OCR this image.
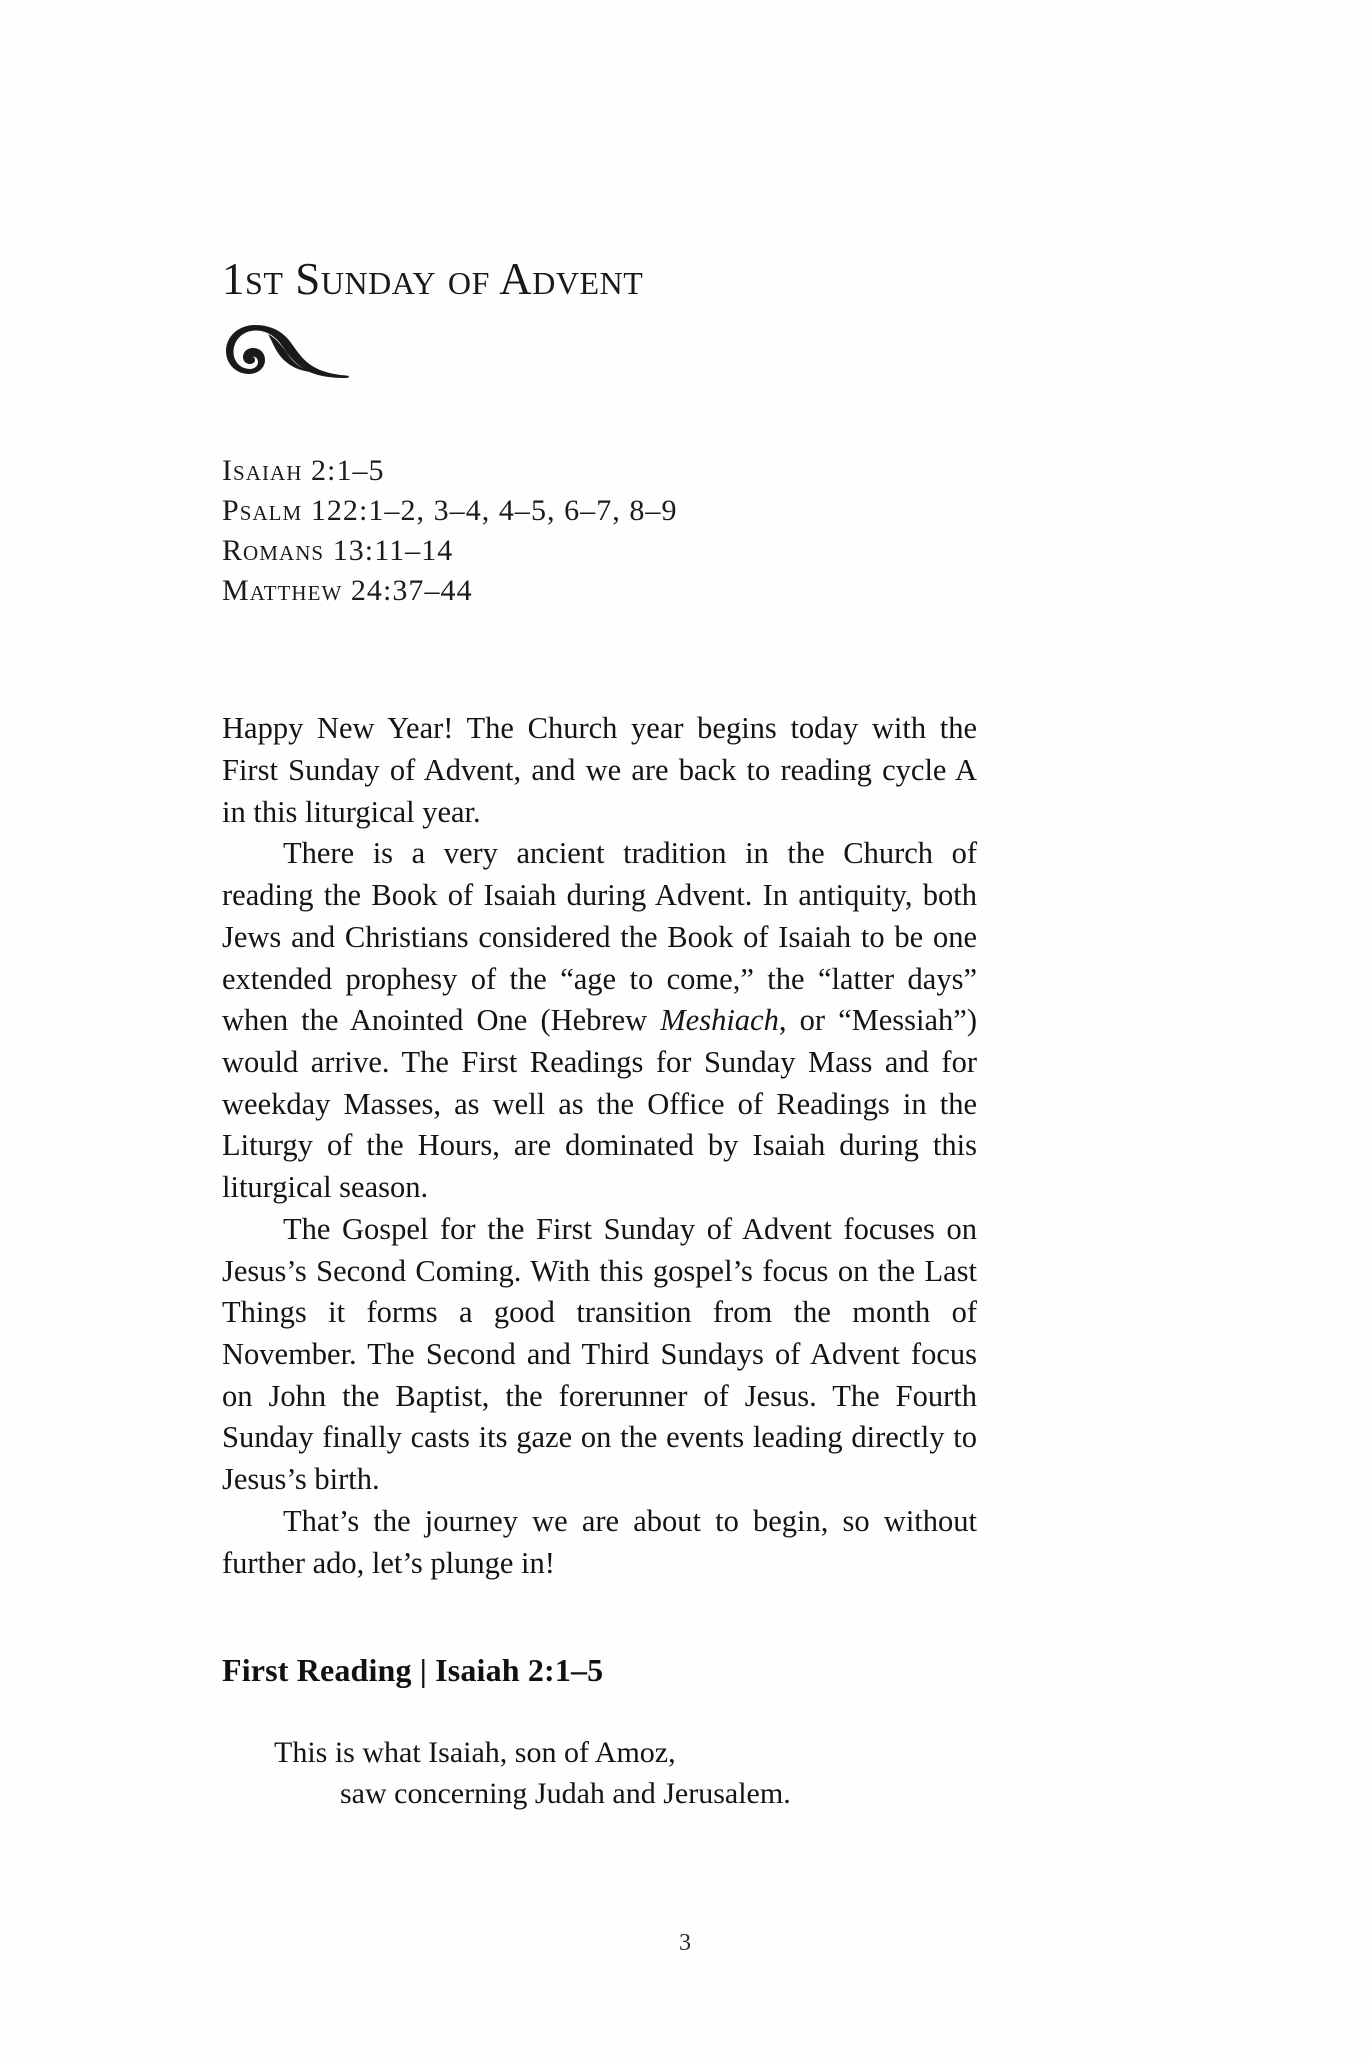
1st Sunday of Advent
Isaiah 2:1–5
Psalm 122:1–2, 3–4, 4–5, 6–7, 8–9
Romans 13:11–14
Matthew 24:37–44

Happy New Year! The Church year begins today with the First Sunday of Advent, and we are back to reading cycle A in this liturgical year.

There is a very ancient tradition in the Church of reading the Book of Isaiah during Advent. In antiquity, both Jews and Christians considered the Book of Isaiah to be one extended prophesy of the “age to come,” the “latter days” when the Anointed One (Hebrew Meshiach, or “Messiah”) would arrive. The First Readings for Sunday Mass and for weekday Masses, as well as the Office of Readings in the Liturgy of the Hours, are dominated by Isaiah during this liturgical season.

The Gospel for the First Sunday of Advent focuses on Jesus’s Second Coming. With this gospel’s focus on the Last Things it forms a good transition from the month of November. The Second and Third Sundays of Advent focus on John the Baptist, the forerunner of Jesus. The Fourth Sunday finally casts its gaze on the events leading directly to Jesus’s birth.

That’s the journey we are about to begin, so without further ado, let’s plunge in!

First Reading | Isaiah 2:1–5
This is what Isaiah, son of Amoz,
saw concerning Judah and Jerusalem.
3
